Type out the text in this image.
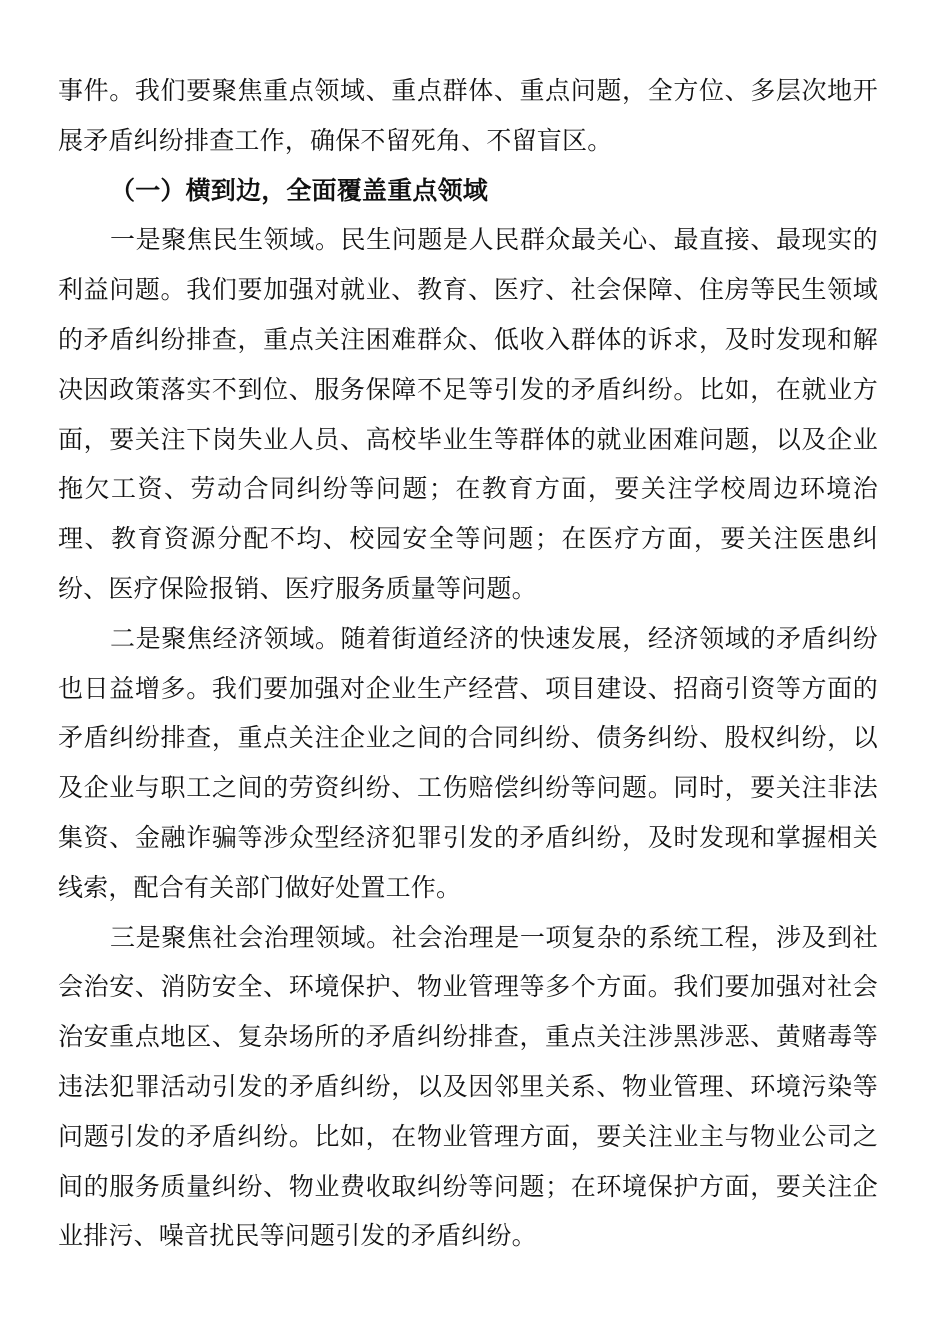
事件。我们要聚焦重点领域、重点群体、重点问题，全方位、多层次地开展矛盾纠纷排查工作，确保不留死角、不留盲区。

（一）横到边，全面覆盖重点领域

一是聚焦民生领域。民生问题是人民群众最关心、最直接、最现实的利益问题。我们要加强对就业、教育、医疗、社会保障、住房等民生领域的矛盾纠纷排查，重点关注困难群众、低收入群体的诉求，及时发现和解决因政策落实不到位、服务保障不足等引发的矛盾纠纷。比如，在就业方面，要关注下岗失业人员、高校毕业生等群体的就业困难问题，以及企业拖欠工资、劳动合同纠纷等问题；在教育方面，要关注学校周边环境治理、教育资源分配不均、校园安全等问题；在医疗方面，要关注医患纠纷、医疗保险报销、医疗服务质量等问题。

二是聚焦经济领域。随着街道经济的快速发展，经济领域的矛盾纠纷也日益增多。我们要加强对企业生产经营、项目建设、招商引资等方面的矛盾纠纷排查，重点关注企业之间的合同纠纷、债务纠纷、股权纠纷，以及企业与职工之间的劳资纠纷、工伤赔偿纠纷等问题。同时，要关注非法集资、金融诈骗等涉众型经济犯罪引发的矛盾纠纷，及时发现和掌握相关线索，配合有关部门做好处置工作。

三是聚焦社会治理领域。社会治理是一项复杂的系统工程，涉及到社会治安、消防安全、环境保护、物业管理等多个方面。我们要加强对社会治安重点地区、复杂场所的矛盾纠纷排查，重点关注涉黑涉恶、黄赌毒等违法犯罪活动引发的矛盾纠纷，以及因邻里关系、物业管理、环境污染等问题引发的矛盾纠纷。比如，在物业管理方面，要关注业主与物业公司之间的服务质量纠纷、物业费收取纠纷等问题；在环境保护方面，要关注企业排污、噪音扰民等问题引发的矛盾纠纷。
